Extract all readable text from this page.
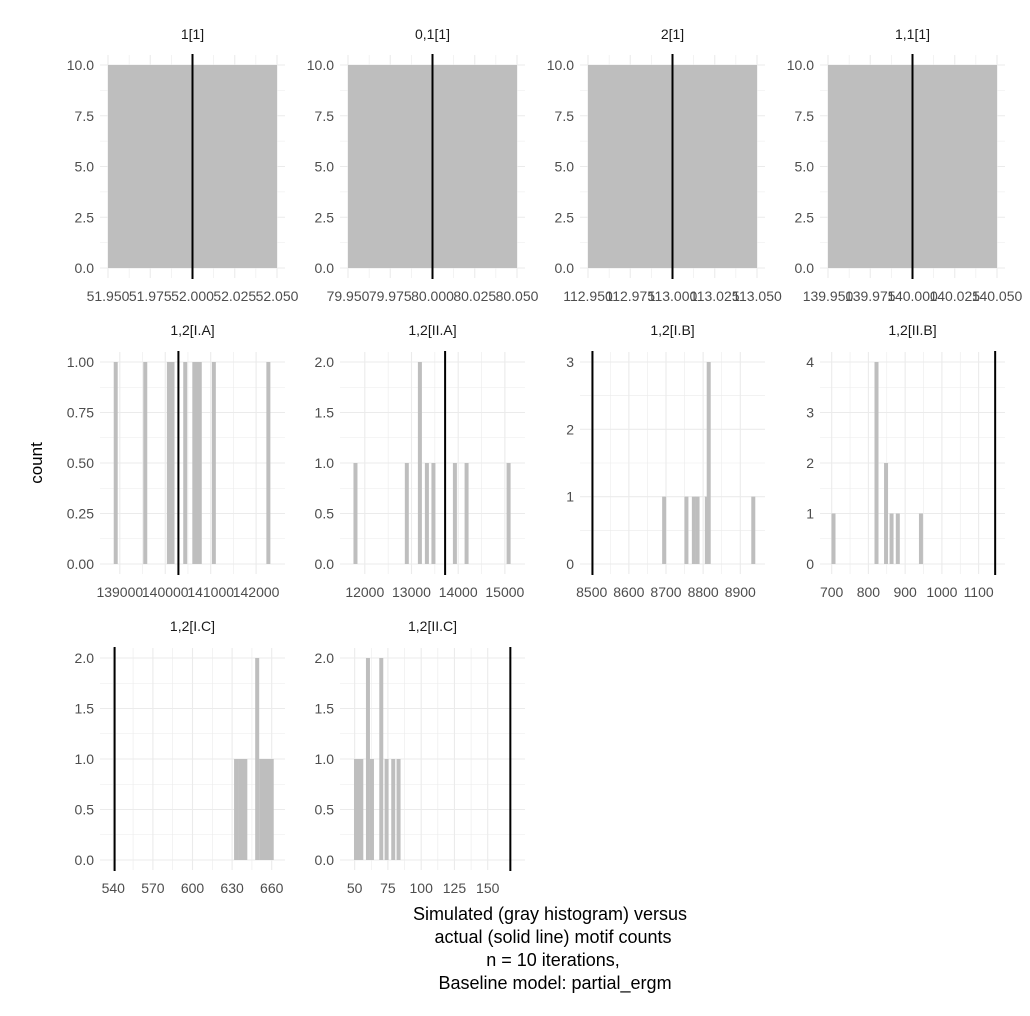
count
1[1]
0.0
2.5
5.0
7.5
10.0
51.950 51.975 52.000 52.025 52.050
0,1[1]
0.0
2.5
5.0
7.5
10.0
79.950 79.975 80.000 80.025 80.050
2[1]
0.0
2.5
5.0
7.5
10.0
112.950
112.975
113.000
113.025
113.050
1,1[1]
0.0
2.5
5.0
7.5
10.0
139.950
139.975
140.000
140.025
140.050
1,2[I.A]
0.00
0.25
0.50
0.75
1.00
139000
140000
141000
142000
1,2[II.A]
0.0
0.5
1.0
1.5
2.0
12000 13000 14000 15000
1,2[I.B]
0
1
2
3
8500 8600 8700 8800 8900
1,2[II.B]
0
1
2
3
4
700 800 900 1000 1100
1,2[I.C]
0.0
0.5
1.0
1.5
2.0
540 570 600 630 660
1,2[II.C]
0.0
0.5
1.0
1.5
2.0
50 75 100 125 150
Simulated (gray histogram) versus
actual (solid line) motif counts
n = 10 iterations,
Baseline model: partial_ergm
